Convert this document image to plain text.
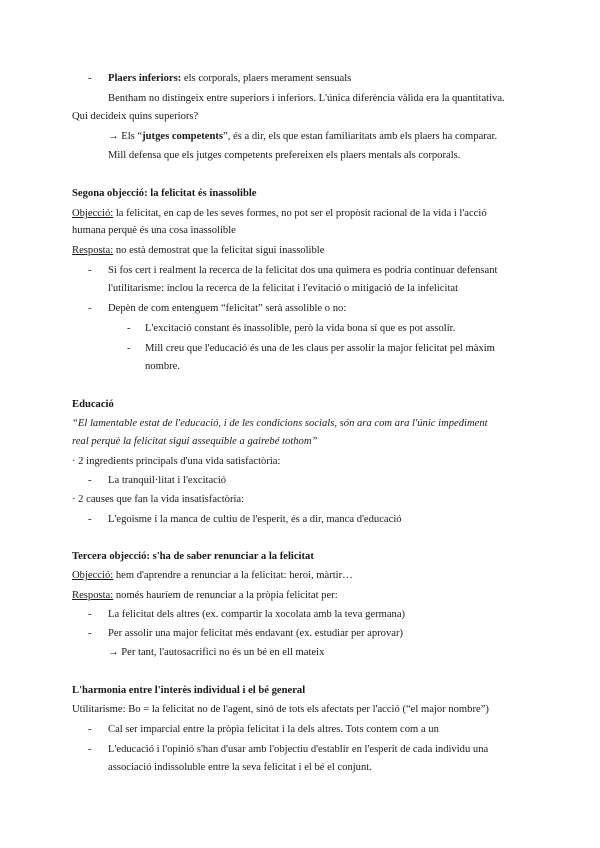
- Plaers inferiors: els corporals, plaers merament sensuals
Bentham no distingeix entre superiors i inferiors. L'única diferència vàlida era la quantitativa.
Qui decideix quins superiors?
→ Els “jutges competents”, és a dir, els que estan familiaritats amb els plaers ha comparar.
Mill defensa que els jutges competents prefereixen els plaers mentals als corporals.
Segona objecció: la felicitat és inassolible
Objecció: la felicitat, en cap de les seves formes, no pot ser el propòsit racional de la vida i l'acció
humana perquè és una cosa inassolible
Resposta: no està demostrat que la felicitat sigui inassolible
- Si fos cert i realment la recerca de la felicitat dos una quimera es podria continuar defensant
l'utilitarisme: inclou la recerca de la felicitat i l'evitació o mitigació de la infelicitat
- Depèn de com entenguem “felicitat” serà assolible o no:
- L'excitació constant és inassolible, però la vida bona sí que es pot assolir.
- Mill creu que l'educació és una de les claus per assolir la major felicitat pel màxim
nombre.
Educació
“El lamentable estat de l'educació, i de les condicions socials, són ara com ara l'únic impediment
real perquè la felicitat sigui assequible a gairebé tothom”
· 2 ingredients principals d'una vida satisfactòria:
- La tranquil·litat i l'excitació
· 2 causes que fan la vida insatisfactòria:
- L'egoisme i la manca de cultiu de l'esperit, és a dir, manca d'educació
Tercera objecció: s'ha de saber renunciar a la felicitat
Objecció: hem d'aprendre a renunciar a la felicitat: heroi, màrtir…
Resposta: només hauríem de renunciar a la pròpia felicitat per:
- La felicitat dels altres (ex. compartir la xocolata amb la teva germana)
- Per assolir una major felicitat més endavant (ex. estudiar per aprovar)
→ Per tant, l'autosacrifici no és un bé en ell mateix
L'harmonia entre l'interès individual i el bé general
Utilitarisme: Bo = la felicitat no de l'agent, sinó de tots els afectats per l'acció (“el major nombre”)
- Cal ser imparcial entre la pròpia felicitat i la dels altres. Tots contem com a un
- L'educació i l'opinió s'han d'usar amb l'objectiu d'establir en l'esperit de cada individu una
associació indissoluble entre la seva felicitat i el bé el conjunt.
